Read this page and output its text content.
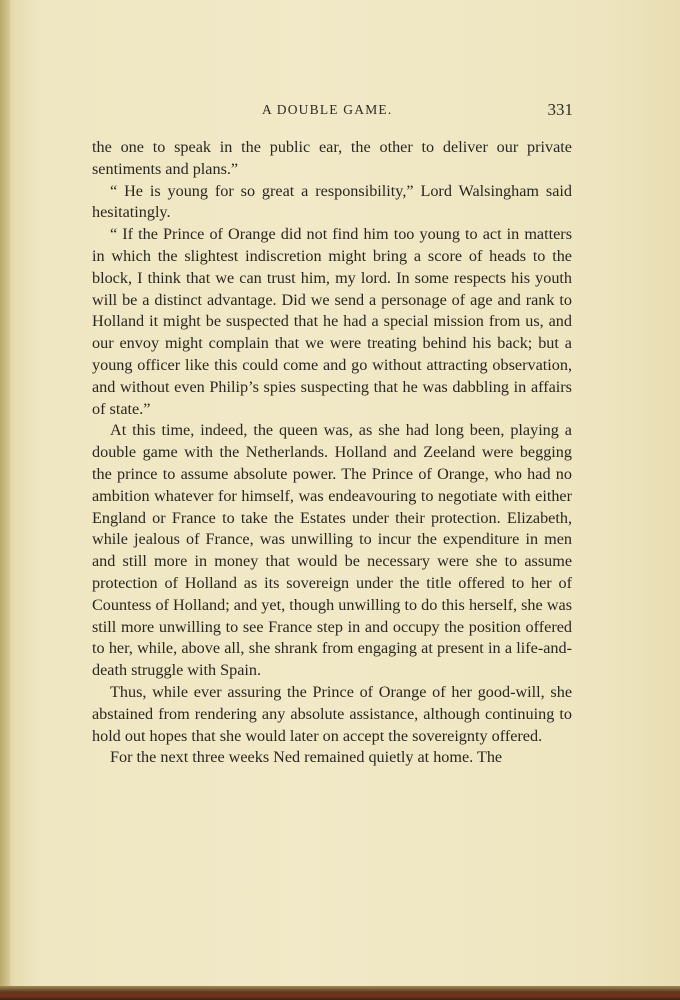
A DOUBLE GAME.	331

the one to speak in the public ear, the other to deliver our private sentiments and plans.”

“ He is young for so great a responsibility,” Lord Walsingham said hesitatingly.

“ If the Prince of Orange did not find him too young to act in matters in which the slightest indiscretion might bring a score of heads to the block, I think that we can trust him, my lord. In some respects his youth will be a distinct advantage. Did we send a personage of age and rank to Holland it might be suspected that he had a special mission from us, and our envoy might complain that we were treating behind his back; but a young officer like this could come and go without attracting observation, and without even Philip’s spies suspecting that he was dabbling in affairs of state.”

At this time, indeed, the queen was, as she had long been, playing a double game with the Netherlands. Holland and Zeeland were begging the prince to assume absolute power. The Prince of Orange, who had no ambition whatever for himself, was endeavouring to negotiate with either England or France to take the Estates under their protection. Elizabeth, while jealous of France, was unwilling to incur the expenditure in men and still more in money that would be necessary were she to assume protection of Holland as its sovereign under the title offered to her of Countess of Holland; and yet, though unwilling to do this herself, she was still more unwilling to see France step in and occupy the position offered to her, while, above all, she shrank from engaging at present in a life-and-death struggle with Spain.

Thus, while ever assuring the Prince of Orange of her good-will, she abstained from rendering any absolute assistance, although continuing to hold out hopes that she would later on accept the sovereignty offered.

For the next three weeks Ned remained quietly at home. The
